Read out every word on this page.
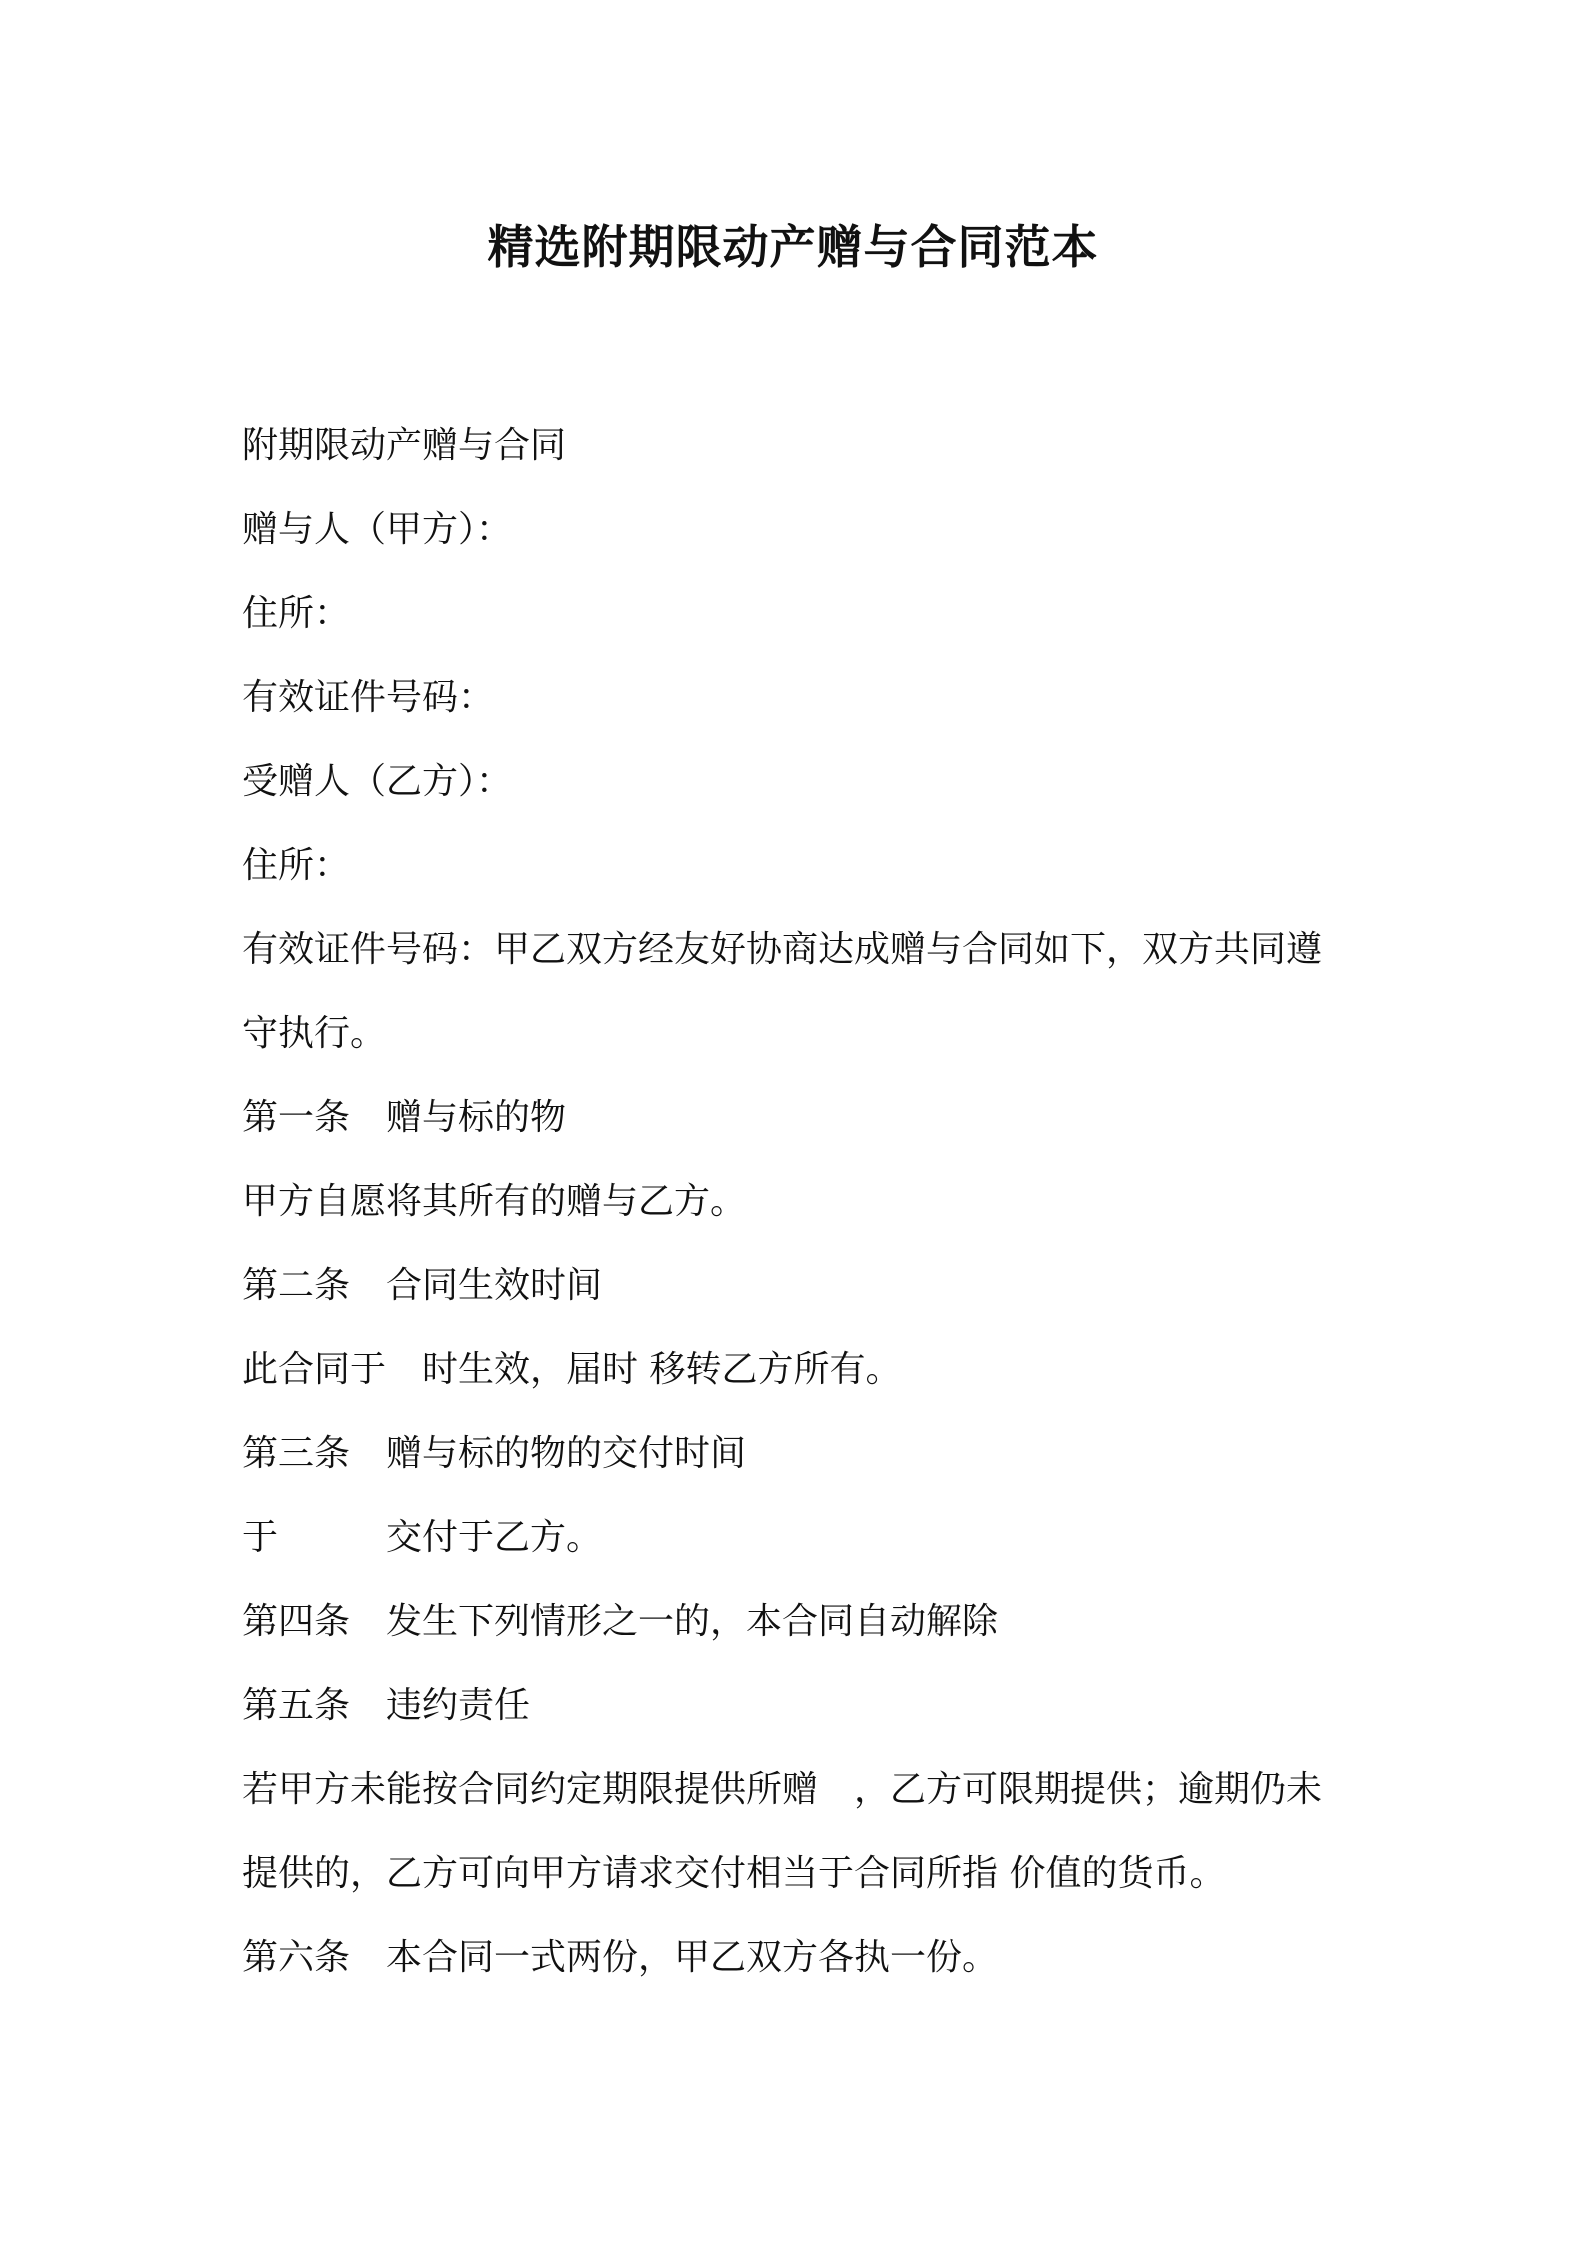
精选附期限动产赠与合同范本

附期限动产赠与合同

赠与人（甲方）：

住所：

有效证件号码：

受赠人（乙方）：

住所：

有效证件号码：甲乙双方经友好协商达成赠与合同如下，双方共同遵守执行。

第一条　赠与标的物

甲方自愿将其所有的赠与乙方。

第二条　合同生效时间

此合同于　时生效，届时 移转乙方所有。

第三条　赠与标的物的交付时间

于　　　交付于乙方。

第四条　发生下列情形之一的，本合同自动解除

第五条　违约责任

若甲方未能按合同约定期限提供所赠　，乙方可限期提供；逾期仍未提供的，乙方可向甲方请求交付相当于合同所指 价值的货币。

第六条　本合同一式两份，甲乙双方各执一份。
